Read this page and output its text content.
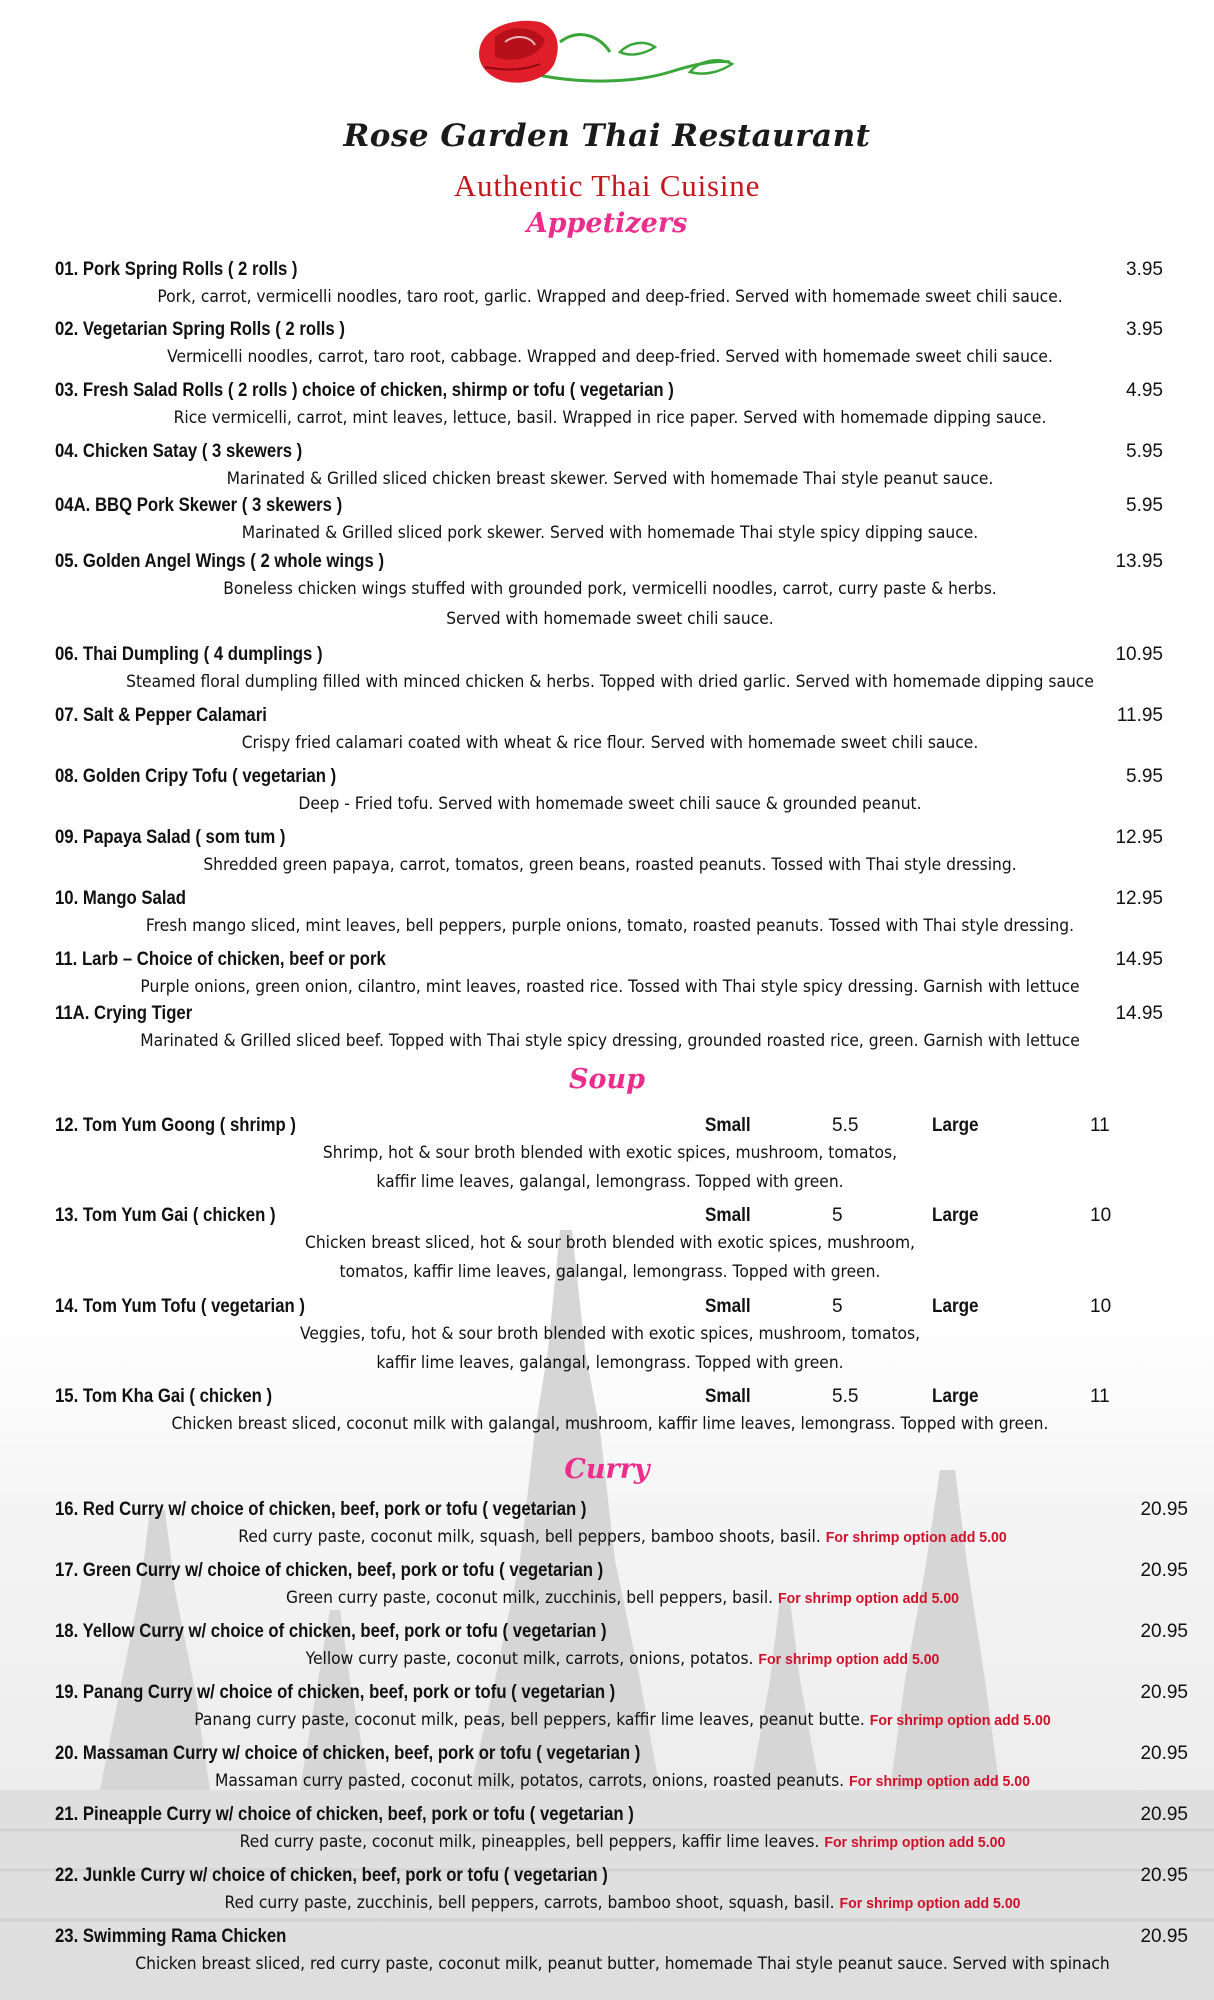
Rose Garden Thai Restaurant
Authentic Thai Cuisine
Appetizers
01. Pork Spring Rolls ( 2 rolls )	3.95
Pork, carrot, vermicelli noodles, taro root, garlic. Wrapped and deep-fried. Served with homemade sweet chili sauce.
02. Vegetarian Spring Rolls ( 2 rolls )	3.95
Vermicelli noodles, carrot, taro root, cabbage. Wrapped and deep-fried. Served with homemade sweet chili sauce.
03. Fresh Salad Rolls ( 2 rolls ) choice of chicken, shirmp or tofu ( vegetarian )	4.95
Rice vermicelli, carrot, mint leaves, lettuce, basil. Wrapped in rice paper. Served with homemade dipping sauce.
04. Chicken Satay ( 3 skewers )	5.95
Marinated & Grilled sliced chicken breast skewer. Served with homemade Thai style peanut sauce.
04A. BBQ Pork Skewer ( 3 skewers )	5.95
Marinated & Grilled sliced pork skewer. Served with homemade Thai style spicy dipping sauce.
05. Golden Angel Wings ( 2 whole wings )	13.95
Boneless chicken wings stuffed with grounded pork, vermicelli noodles, carrot, curry paste & herbs.
Served with homemade sweet chili sauce.
06. Thai Dumpling ( 4 dumplings )	10.95
Steamed floral dumpling filled with minced chicken & herbs. Topped with dried garlic. Served with homemade dipping sauce
07. Salt & Pepper Calamari	11.95
Crispy fried calamari coated with wheat & rice flour. Served with homemade sweet chili sauce.
08. Golden Cripy Tofu ( vegetarian )	5.95
Deep - Fried tofu. Served with homemade sweet chili sauce & grounded peanut.
09. Papaya Salad ( som tum )	12.95
Shredded green papaya, carrot, tomatos, green beans, roasted peanuts. Tossed with Thai style dressing.
10. Mango Salad	12.95
Fresh mango sliced, mint leaves, bell peppers, purple onions, tomato, roasted peanuts. Tossed with Thai style dressing.
11. Larb – Choice of chicken, beef or pork	14.95
Purple onions, green onion, cilantro, mint leaves, roasted rice. Tossed with Thai style spicy dressing. Garnish with lettuce
11A. Crying Tiger	14.95
Marinated & Grilled sliced beef. Topped with Thai style spicy dressing, grounded roasted rice, green. Garnish with lettuce
Soup
12. Tom Yum Goong ( shrimp )	Small	5.5	Large	11
Shrimp, hot & sour broth blended with exotic spices, mushroom, tomatos,
kaffir lime leaves, galangal, lemongrass. Topped with green.
13. Tom Yum Gai ( chicken )	Small	5	Large	10
Chicken breast sliced, hot & sour broth blended with exotic spices, mushroom,
tomatos, kaffir lime leaves, galangal, lemongrass. Topped with green.
14. Tom Yum Tofu ( vegetarian )	Small	5	Large	10
Veggies, tofu, hot & sour broth blended with exotic spices, mushroom, tomatos,
kaffir lime leaves, galangal, lemongrass. Topped with green.
15. Tom Kha Gai ( chicken )	Small	5.5	Large	11
Chicken breast sliced, coconut milk with galangal, mushroom, kaffir lime leaves, lemongrass. Topped with green.
Curry
16. Red Curry w/ choice of chicken, beef, pork or tofu ( vegetarian )	20.95
Red curry paste, coconut milk, squash, bell peppers, bamboo shoots, basil. For shrimp option add 5.00
17. Green Curry w/ choice of chicken, beef, pork or tofu ( vegetarian )	20.95
Green curry paste, coconut milk, zucchinis, bell peppers, basil. For shrimp option add 5.00
18. Yellow Curry w/ choice of chicken, beef, pork or tofu ( vegetarian )	20.95
Yellow curry paste, coconut milk, carrots, onions, potatos. For shrimp option add 5.00
19. Panang Curry w/ choice of chicken, beef, pork or tofu ( vegetarian )	20.95
Panang curry paste, coconut milk, peas, bell peppers, kaffir lime leaves, peanut butte. For shrimp option add 5.00
20. Massaman Curry w/ choice of chicken, beef, pork or tofu ( vegetarian )	20.95
Massaman curry pasted, coconut milk, potatos, carrots, onions, roasted peanuts. For shrimp option add 5.00
21. Pineapple Curry w/ choice of chicken, beef, pork or tofu ( vegetarian )	20.95
Red curry paste, coconut milk, pineapples, bell peppers, kaffir lime leaves. For shrimp option add 5.00
22. Junkle Curry w/ choice of chicken, beef, pork or tofu ( vegetarian )	20.95
Red curry paste, zucchinis, bell peppers, carrots, bamboo shoot, squash, basil. For shrimp option add 5.00
23. Swimming Rama Chicken	20.95
Chicken breast sliced, red curry paste, coconut milk, peanut butter, homemade Thai style peanut sauce. Served with spinach
